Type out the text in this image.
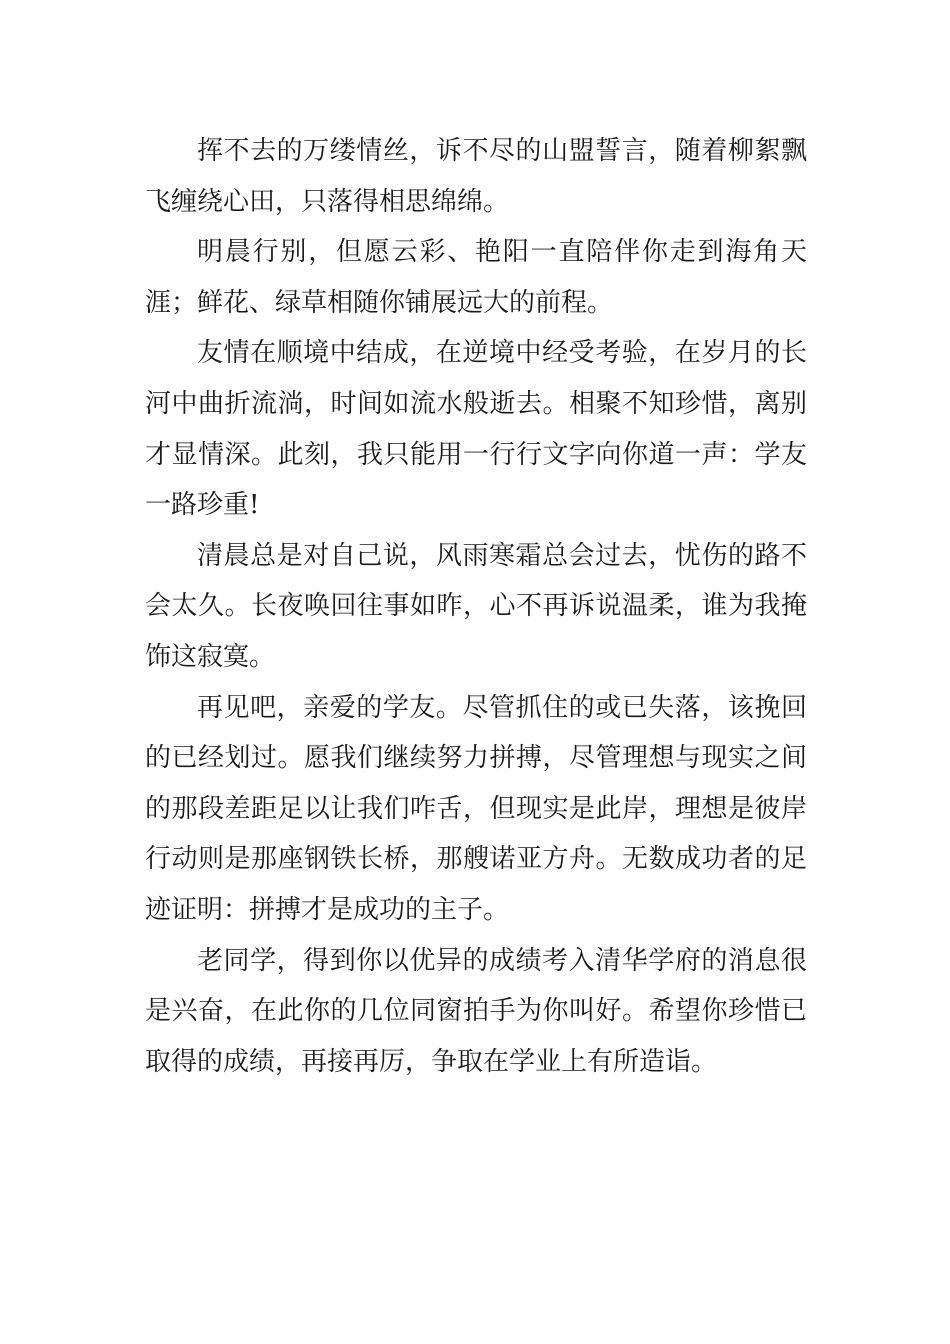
挥不去的万缕情丝，诉不尽的山盟誓言，随着柳絮飘飞缠绕心田，只落得相思绵绵。

明晨行别，但愿云彩、艳阳一直陪伴你走到海角天涯；鲜花、绿草相随你铺展远大的前程。

友情在顺境中结成，在逆境中经受考验，在岁月的长河中曲折流淌，时间如流水般逝去。相聚不知珍惜，离别才显情深。此刻，我只能用一行行文字向你道一声：学友一路珍重!

清晨总是对自己说，风雨寒霜总会过去，忧伤的路不会太久。长夜唤回往事如昨，心不再诉说温柔，谁为我掩饰这寂寞。

再见吧，亲爱的学友。尽管抓住的或已失落，该挽回的已经划过。愿我们继续努力拼搏，尽管理想与现实之间的那段差距足以让我们咋舌，但现实是此岸，理想是彼岸行动则是那座钢铁长桥，那艘诺亚方舟。无数成功者的足迹证明：拼搏才是成功的主子。

老同学，得到你以优异的成绩考入清华学府的消息很是兴奋，在此你的几位同窗拍手为你叫好。希望你珍惜已取得的成绩，再接再厉，争取在学业上有所造诣。
